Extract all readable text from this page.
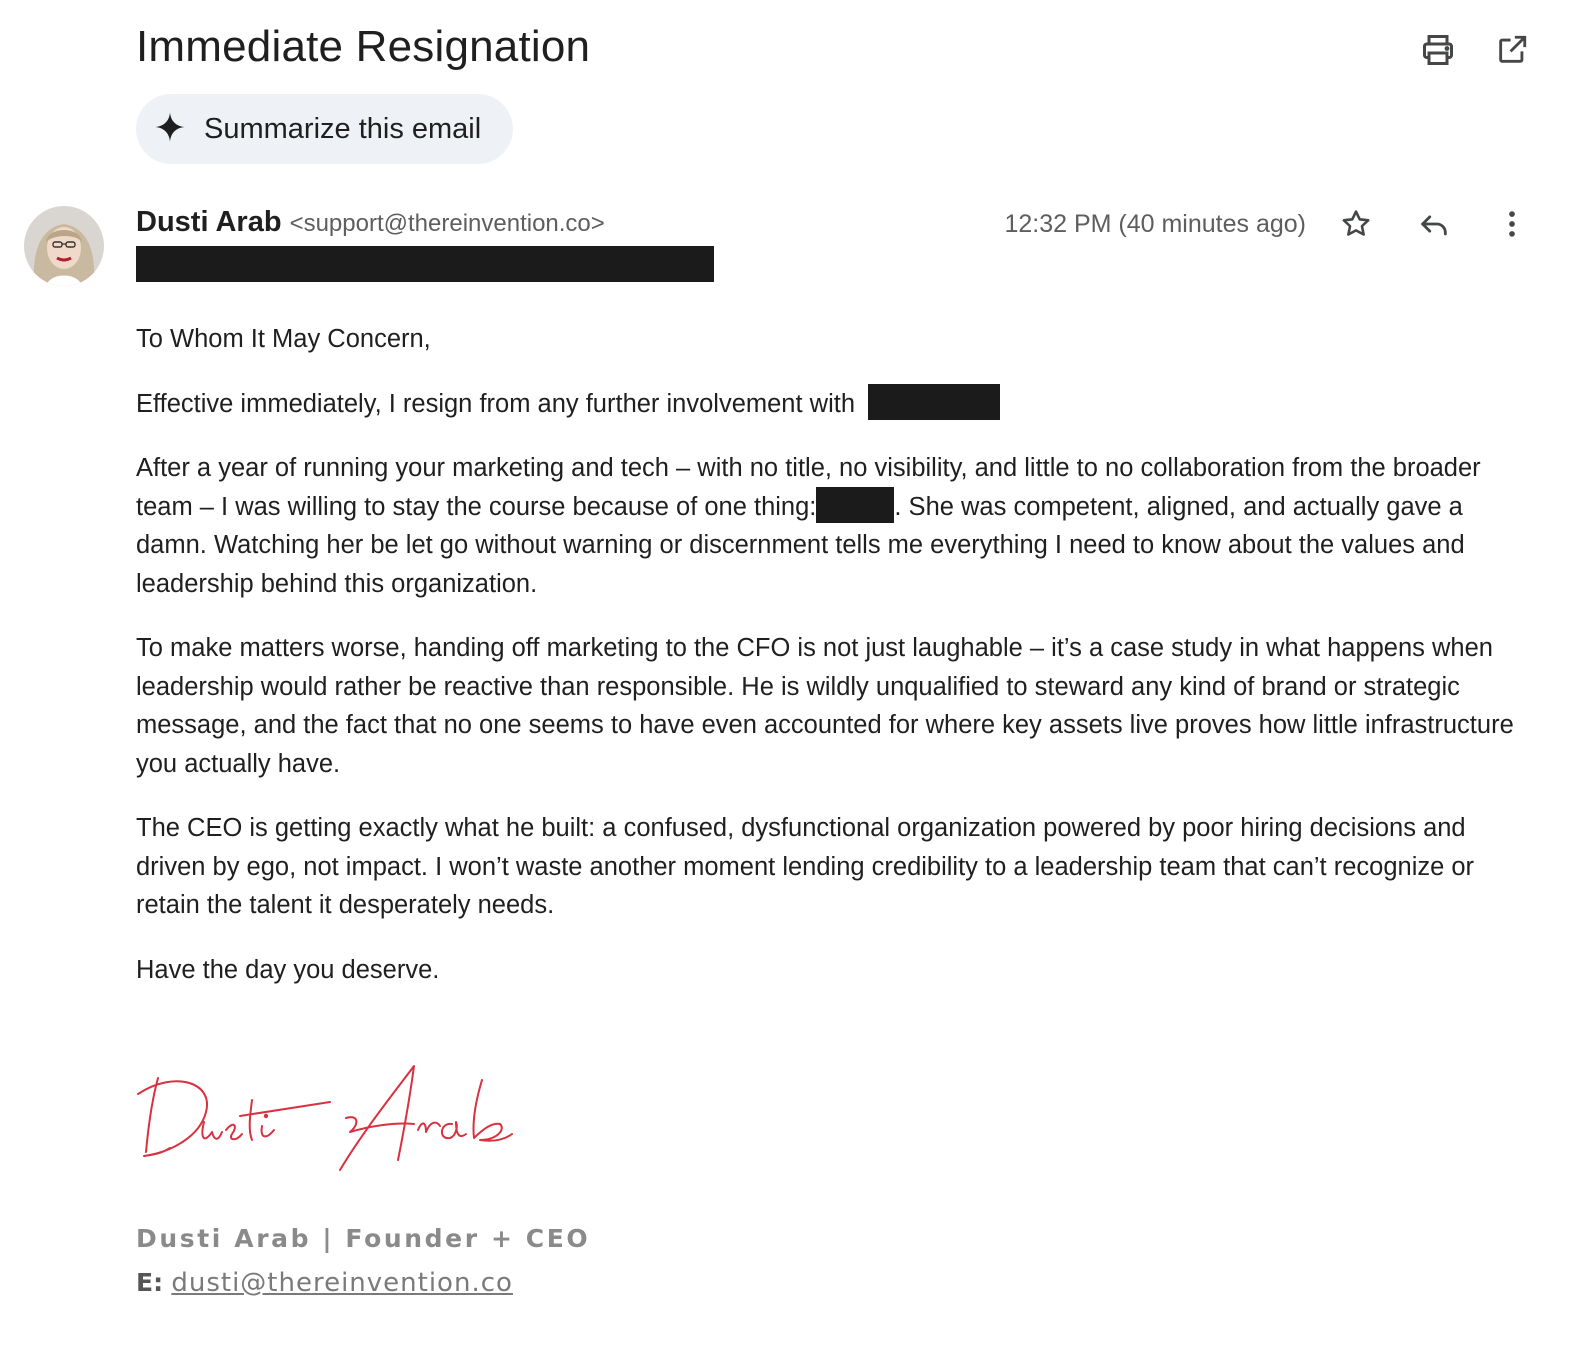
Immediate Resignation
Summarize this email
Dusti Arab <support@thereinvention.co>	12:32 PM (40 minutes ago)

To Whom It May Concern,

Effective immediately, I resign from any further involvement with

After a year of running your marketing and tech – with no title, no visibility, and little to no collaboration from the broader team – I was willing to stay the course because of one thing:	. She was competent, aligned, and actually gave a damn. Watching her be let go without warning or discernment tells me everything I need to know about the values and leadership behind this organization.

To make matters worse, handing off marketing to the CFO is not just laughable – it’s a case study in what happens when leadership would rather be reactive than responsible. He is wildly unqualified to steward any kind of brand or strategic message, and the fact that no one seems to have even accounted for where key assets live proves how little infrastructure you actually have.

The CEO is getting exactly what he built: a confused, dysfunctional organization powered by poor hiring decisions and driven by ego, not impact. I won’t waste another moment lending credibility to a leadership team that can’t recognize or retain the talent it desperately needs.

Have the day you deserve.

Dusti Arab | Founder + CEO
E: dusti@thereinvention.co
